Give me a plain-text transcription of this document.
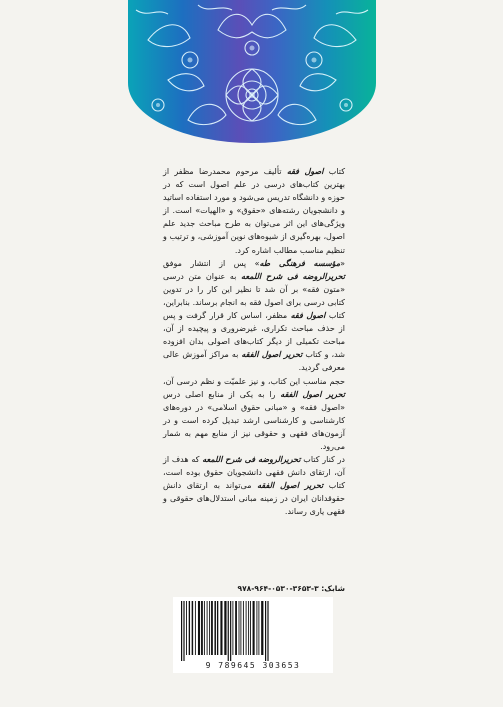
کتاب اصول فقه تألیف مرحوم محمدرضا مظفر از بهترین کتاب‌های درسی در علم اصول است که در حوزه و دانشگاه تدریس می‌شود و مورد استفاده اساتید و دانشجویان رشته‌های «حقوق» و «الهیات» است. از ویژگی‌های این اثر می‌توان به طرح مباحث جدید علم اصول، بهره‌گیری از شیوه‌های نوین آموزشی، و ترتیب و تنظیم مناسب مطالب اشاره کرد.

«مؤسسه فرهنگی طه» پس از انتشار موفق تحریرالروضه فی شرح اللمعه به عنوان متن درسی «متون فقه» بر آن شد تا نظیر این کار را در تدوین کتابی درسی برای اصول فقه به انجام برساند. بنابراین، کتاب اصول فقه مظفر، اساس کار قرار گرفت و پس از حذف مباحث تکراری، غیرضروری و پیچیده از آن، مباحث تکمیلی از دیگر کتاب‌های اصولی بدان افزوده شد، و کتاب تحریر اصول الفقه به مراکز آموزش عالی معرفی گردید.

حجم مناسب این کتاب، و نیز علمیّت و نظم درسی آن، تحریر اصول الفقه را به یکی از منابع اصلی درس «اصول فقه» و «مبانی حقوق اسلامی» در دوره‌های کارشناسی و کارشناسی ارشد تبدیل کرده است و در آزمون‌های فقهی و حقوقی نیز از منابع مهم به شمار می‌رود.

در کنار کتاب تحریرالروضه فی شرح اللمعه که هدف از آن، ارتقای دانش فقهی دانشجویان حقوق بوده است، کتاب تحریر اصول الفقه می‌تواند به ارتقای دانش حقوقدانان ایران در زمینه مبانی استدلال‌های حقوقی و فقهی یاری رساند.

شابک: ۳-۳۶۵۳-۰۵۳۰-۹۶۴-۹۷۸
9 789645 303653
